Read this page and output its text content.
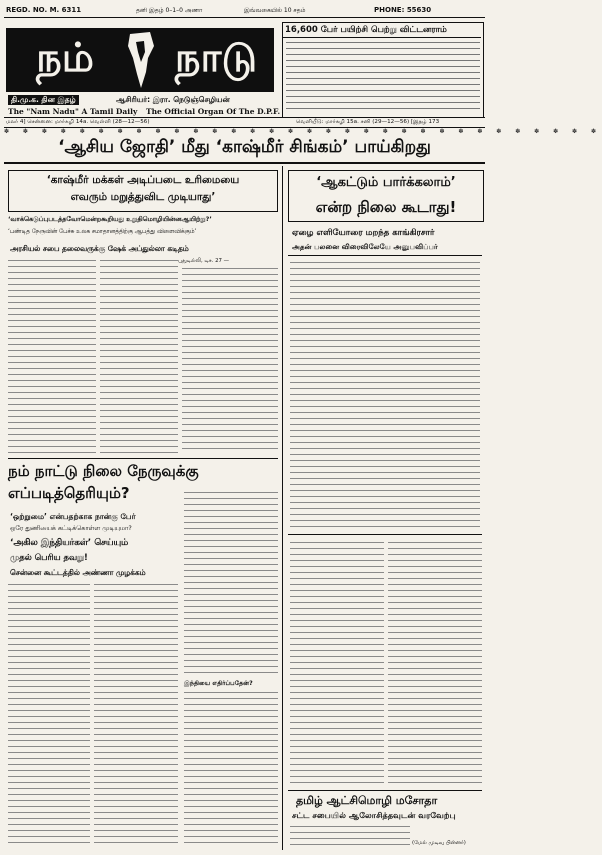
REGD. NO. M. 6311	தனி இதழ் 0–1–0 அணா	இவ்வகையில் 10 சதம்	PHONE: 55630
நம்	நாடு
தி.மு.க. தின இதழ்	ஆசிரியர்: இரா. நெடுஞ்செழியன்
The "Nam Nadu" A Tamil Daily The Official Organ Of The D.P.F.
16,600 பேர் பயிற்சி பெற்று விட்டனராம்
மலர் 4] சென்னை: மார்கழி 14a. வெள்ளி (28—12—56)	வெளியீடு: மார்கழி 15a. சனி (29—12—56) [இதழ் 173
✽ ✽ ✽ ✽ ✽ ✽ ✽ ✽ ✽ ✽ ✽ ✽ ✽ ✽ ✽ ✽ ✽ ✽ ✽ ✽ ✽ ✽ ✽ ✽ ✽ ✽ ✽ ✽ ✽ ✽ ✽ ✽
‘ஆசிய ஜோதி’ மீது ‘காஷ்மீர் சிங்கம்’ பாய்கிறது
‘காஷ்மீர் மக்கள் அடிப்படை உரிமையை
எவரும் மறுத்துவிட முடியாது’
‘வாக்கெடுப்புபடத்தவோமென்றகூறியது உறுதிமொழியின்னஆயிற்று?’
‘பண்டித நேருவின் பேச்சு உலக சமாதானத்திற்கு ஆபத்து விளைவிக்கும்’
அரசியல் சபை தலைவருக்கு ஷேக் அப்துல்லா கடிதம்
புதுடில்லி, டிச. 27 —
‘ஆகட்டும் பார்க்கலாம்’
என்ற நிலை கூடாது!
ஏழை எளியோரை மறந்த காங்கிரசார்
அதன் பலனை விரைவிலேயே அனுபவிப்பர்
நம் நாட்டு நிலை நேருவுக்கு
எப்படித்தெரியும்?
‘ஒற்றுமை’ என்பதற்காக நான்கு பேர்
ஒரே துணியைக் கட்டிக்கொள்ள முடியுமா?
‘அகில இந்தியர்கள்’ செய்யும்
முதல் பெரிய தவறு!
சென்னை கூட்டத்தில் அண்ணா முழக்கம்
இந்தியை எதிர்ப்பதேன்?
தமிழ் ஆட்சிமொழி மசோதா
சட்ட சபையில் ஆலோசித்தவுடன் வரவேற்பு
(மேல் முடிவு பின்னர்)
